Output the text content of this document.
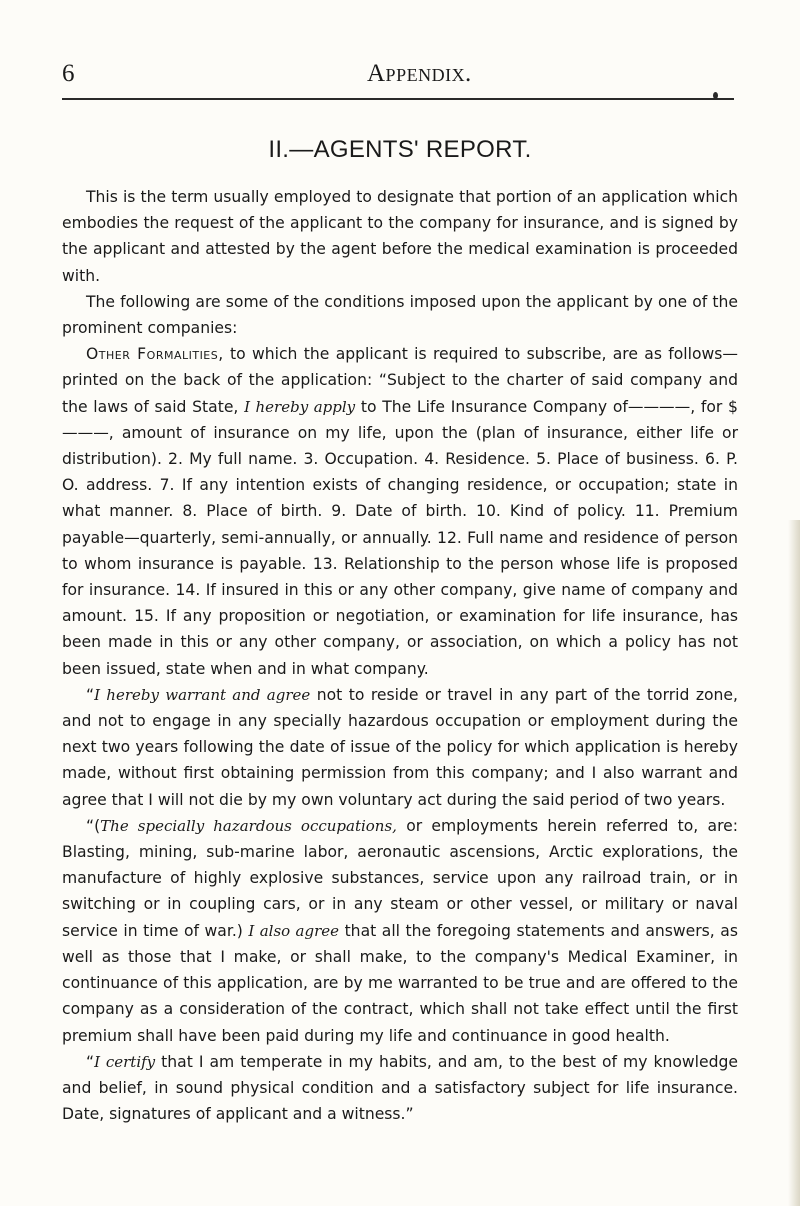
6	Appendix.
II.—AGENTS' REPORT.

This is the term usually employed to designate that portion of an application which embodies the request of the applicant to the company for insurance, and is signed by the applicant and attested by the agent before the medical examination is proceeded with.

The following are some of the conditions imposed upon the applicant by one of the prominent companies:

Other Formalities, to which the applicant is required to subscribe, are as follows—printed on the back of the application: “Subject to the charter of said company and the laws of said State, I hereby apply to The Life Insurance Company of————, for $———, amount of insurance on my life, upon the (plan of insurance, either life or distribution). 2. My full name. 3. Occupation. 4. Residence. 5. Place of business. 6. P. O. address. 7. If any intention exists of changing residence, or occupation; state in what manner. 8. Place of birth. 9. Date of birth. 10. Kind of policy. 11. Premium payable—quarterly, semi-annually, or annually. 12. Full name and residence of person to whom insurance is payable. 13. Relationship to the person whose life is proposed for insurance. 14. If insured in this or any other company, give name of company and amount. 15. If any proposition or negotiation, or examination for life insurance, has been made in this or any other company, or association, on which a policy has not been issued, state when and in what company.

“I hereby warrant and agree not to reside or travel in any part of the torrid zone, and not to engage in any specially hazardous occupation or employment during the next two years following the date of issue of the policy for which application is hereby made, without first obtaining permission from this company; and I also warrant and agree that I will not die by my own voluntary act during the said period of two years.

“(The specially hazardous occupations, or employments herein referred to, are: Blasting, mining, sub-marine labor, aeronautic ascensions, Arctic explorations, the manufacture of highly explosive substances, service upon any railroad train, or in switching or in coupling cars, or in any steam or other vessel, or military or naval service in time of war.) I also agree that all the foregoing statements and answers, as well as those that I make, or shall make, to the company's Medical Examiner, in continuance of this application, are by me warranted to be true and are offered to the company as a consideration of the contract, which shall not take effect until the first premium shall have been paid during my life and continuance in good health.

“I certify that I am temperate in my habits, and am, to the best of my knowledge and belief, in sound physical condition and a satisfactory subject for life insurance. Date, signatures of applicant and a witness.”
